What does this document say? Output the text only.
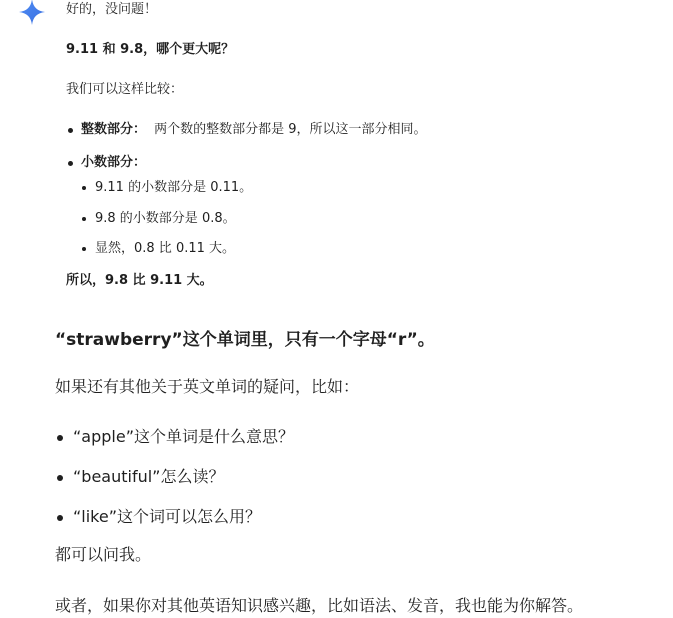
好的，没问题！
9.11 和 9.8，哪个更大呢？
我们可以这样比较：
整数部分： 两个数的整数部分都是 9，所以这一部分相同。
小数部分：
9.11 的小数部分是 0.11。
9.8 的小数部分是 0.8。
显然，0.8 比 0.11 大。
所以，9.8 比 9.11 大。
“strawberry”这个单词里，只有一个字母“r”。
如果还有其他关于英文单词的疑问，比如：
“apple”这个单词是什么意思？
“beautiful”怎么读？
“like”这个词可以怎么用？
都可以问我。
或者，如果你对其他英语知识感兴趣，比如语法、发音，我也能为你解答。
